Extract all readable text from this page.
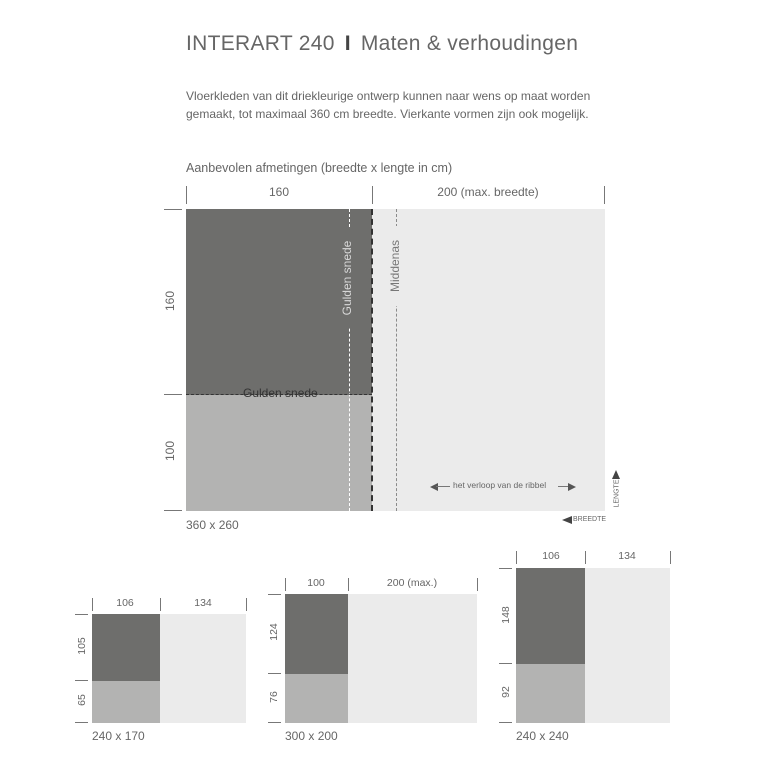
INTERART 240 I Maten & verhoudingen
Vloerkleden van dit driekleurige ontwerp kunnen naar wens op maat worden gemaakt, tot maximaal 360 cm breedte. Vierkante vormen zijn ook mogelijk.
Aanbevolen afmetingen (breedte x lengte in cm)
160	200 (max. breedte)
160
100
Gulden snede	Middenas
Gulden snede
het verloop van de ribbel	LENGTE
BREEDTE
360 x 260
106	134
105
65
240 x 170
100	200 (max.)
124
76
300 x 200
106	134
148
92
240 x 240
